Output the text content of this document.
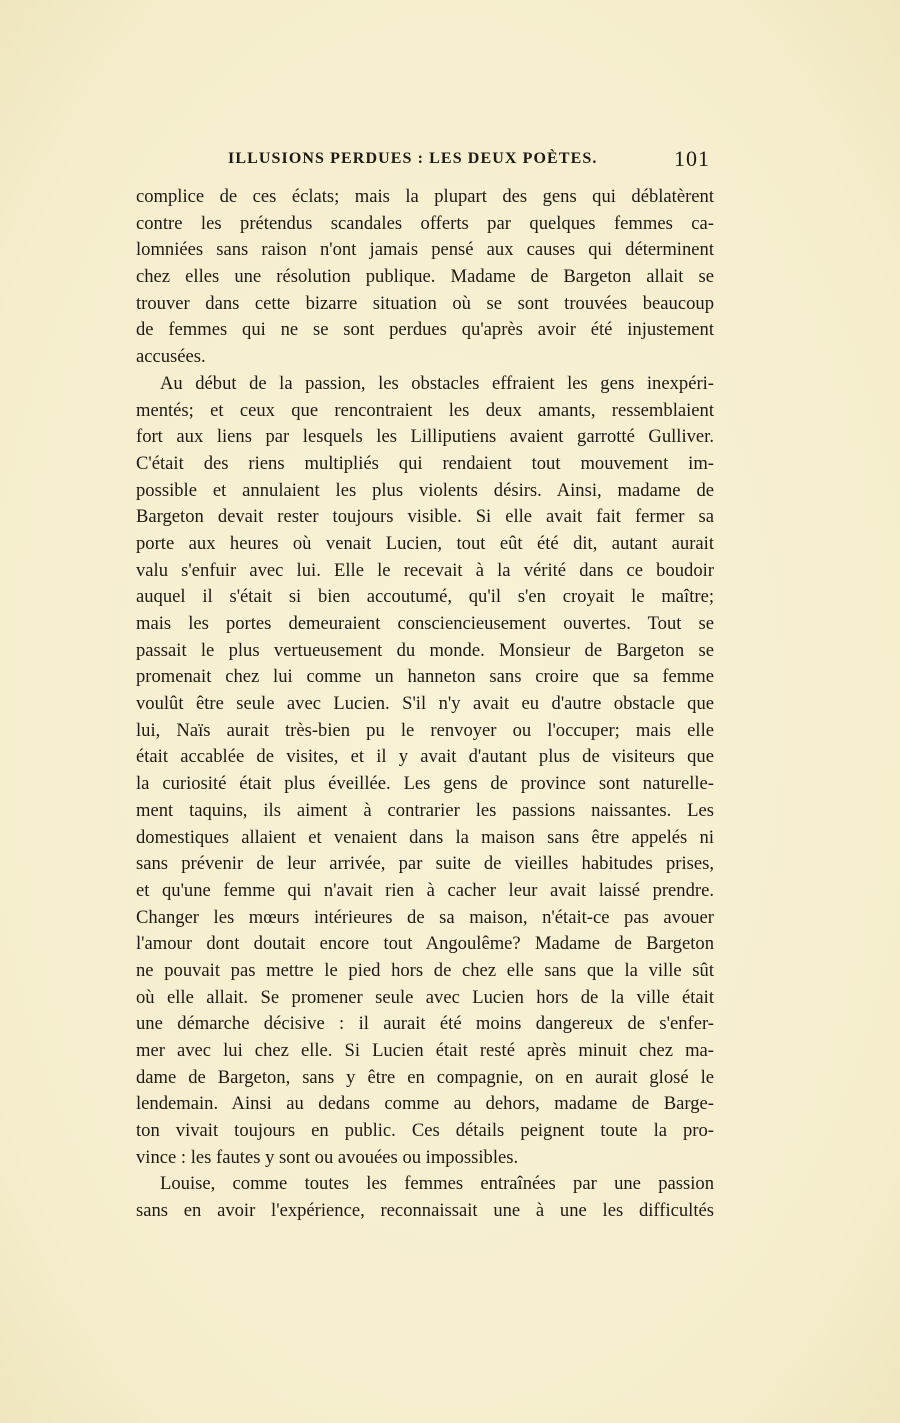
ILLUSIONS PERDUES : LES DEUX POÈTES.	101
complice de ces éclats; mais la plupart des gens qui déblatèrent
contre les prétendus scandales offerts par quelques femmes ca-
lomniées sans raison n'ont jamais pensé aux causes qui déterminent
chez elles une résolution publique. Madame de Bargeton allait se
trouver dans cette bizarre situation où se sont trouvées beaucoup
de femmes qui ne se sont perdues qu'après avoir été injustement
accusées.
Au début de la passion, les obstacles effraient les gens inexpéri-
mentés; et ceux que rencontraient les deux amants, ressemblaient
fort aux liens par lesquels les Lilliputiens avaient garrotté Gulliver.
C'était des riens multipliés qui rendaient tout mouvement im-
possible et annulaient les plus violents désirs. Ainsi, madame de
Bargeton devait rester toujours visible. Si elle avait fait fermer sa
porte aux heures où venait Lucien, tout eût été dit, autant aurait
valu s'enfuir avec lui. Elle le recevait à la vérité dans ce boudoir
auquel il s'était si bien accoutumé, qu'il s'en croyait le maître;
mais les portes demeuraient consciencieusement ouvertes. Tout se
passait le plus vertueusement du monde. Monsieur de Bargeton se
promenait chez lui comme un hanneton sans croire que sa femme
voulût être seule avec Lucien. S'il n'y avait eu d'autre obstacle que
lui, Naïs aurait très-bien pu le renvoyer ou l'occuper; mais elle
était accablée de visites, et il y avait d'autant plus de visiteurs que
la curiosité était plus éveillée. Les gens de province sont naturelle-
ment taquins, ils aiment à contrarier les passions naissantes. Les
domestiques allaient et venaient dans la maison sans être appelés ni
sans prévenir de leur arrivée, par suite de vieilles habitudes prises,
et qu'une femme qui n'avait rien à cacher leur avait laissé prendre.
Changer les mœurs intérieures de sa maison, n'était-ce pas avouer
l'amour dont doutait encore tout Angoulême? Madame de Bargeton
ne pouvait pas mettre le pied hors de chez elle sans que la ville sût
où elle allait. Se promener seule avec Lucien hors de la ville était
une démarche décisive : il aurait été moins dangereux de s'enfer-
mer avec lui chez elle. Si Lucien était resté après minuit chez ma-
dame de Bargeton, sans y être en compagnie, on en aurait glosé le
lendemain. Ainsi au dedans comme au dehors, madame de Barge-
ton vivait toujours en public. Ces détails peignent toute la pro-
vince : les fautes y sont ou avouées ou impossibles.
Louise, comme toutes les femmes entraînées par une passion
sans en avoir l'expérience, reconnaissait une à une les difficultés
